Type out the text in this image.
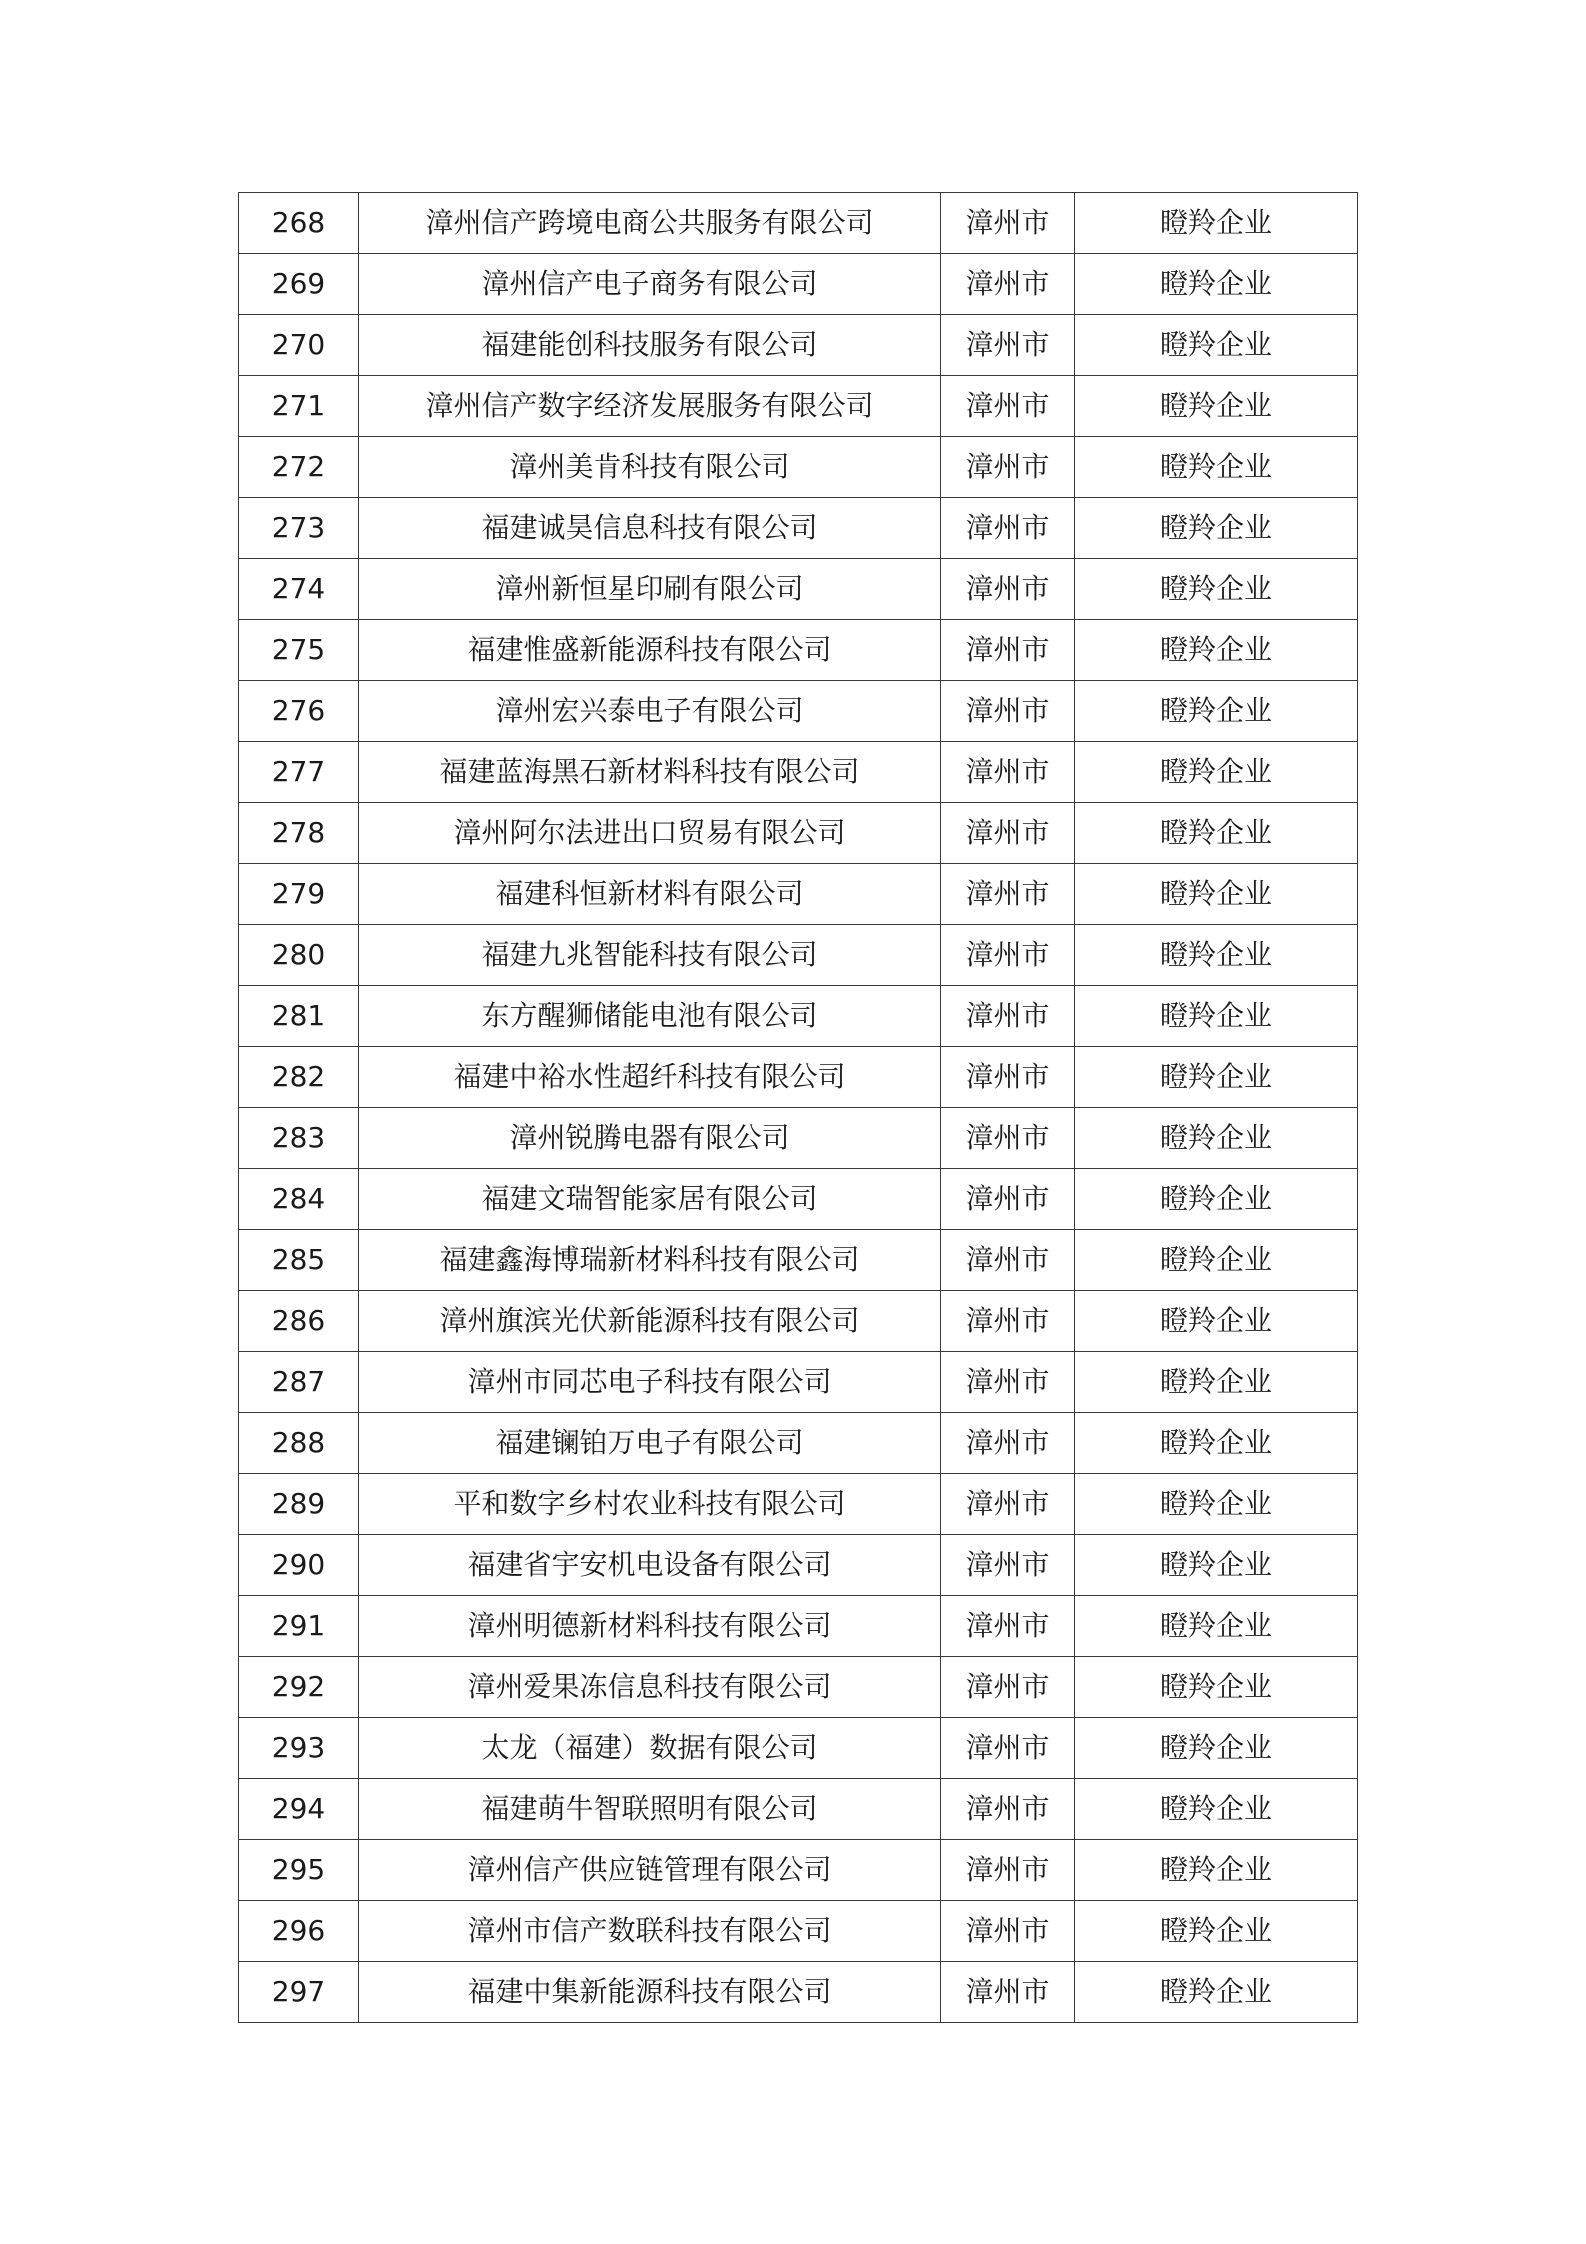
268	漳州信产跨境电商公共服务有限公司	漳州市	瞪羚企业
269	漳州信产电子商务有限公司	漳州市	瞪羚企业
270	福建能创科技服务有限公司	漳州市	瞪羚企业
271	漳州信产数字经济发展服务有限公司	漳州市	瞪羚企业
272	漳州美肯科技有限公司	漳州市	瞪羚企业
273	福建诚昊信息科技有限公司	漳州市	瞪羚企业
274	漳州新恒星印刷有限公司	漳州市	瞪羚企业
275	福建惟盛新能源科技有限公司	漳州市	瞪羚企业
276	漳州宏兴泰电子有限公司	漳州市	瞪羚企业
277	福建蓝海黑石新材料科技有限公司	漳州市	瞪羚企业
278	漳州阿尔法进出口贸易有限公司	漳州市	瞪羚企业
279	福建科恒新材料有限公司	漳州市	瞪羚企业
280	福建九兆智能科技有限公司	漳州市	瞪羚企业
281	东方醒狮储能电池有限公司	漳州市	瞪羚企业
282	福建中裕水性超纤科技有限公司	漳州市	瞪羚企业
283	漳州锐腾电器有限公司	漳州市	瞪羚企业
284	福建文瑞智能家居有限公司	漳州市	瞪羚企业
285	福建鑫海博瑞新材料科技有限公司	漳州市	瞪羚企业
286	漳州旗滨光伏新能源科技有限公司	漳州市	瞪羚企业
287	漳州市同芯电子科技有限公司	漳州市	瞪羚企业
288	福建镧铂万电子有限公司	漳州市	瞪羚企业
289	平和数字乡村农业科技有限公司	漳州市	瞪羚企业
290	福建省宇安机电设备有限公司	漳州市	瞪羚企业
291	漳州明德新材料科技有限公司	漳州市	瞪羚企业
292	漳州爱果冻信息科技有限公司	漳州市	瞪羚企业
293	太龙（福建）数据有限公司	漳州市	瞪羚企业
294	福建萌牛智联照明有限公司	漳州市	瞪羚企业
295	漳州信产供应链管理有限公司	漳州市	瞪羚企业
296	漳州市信产数联科技有限公司	漳州市	瞪羚企业
297	福建中集新能源科技有限公司	漳州市	瞪羚企业
